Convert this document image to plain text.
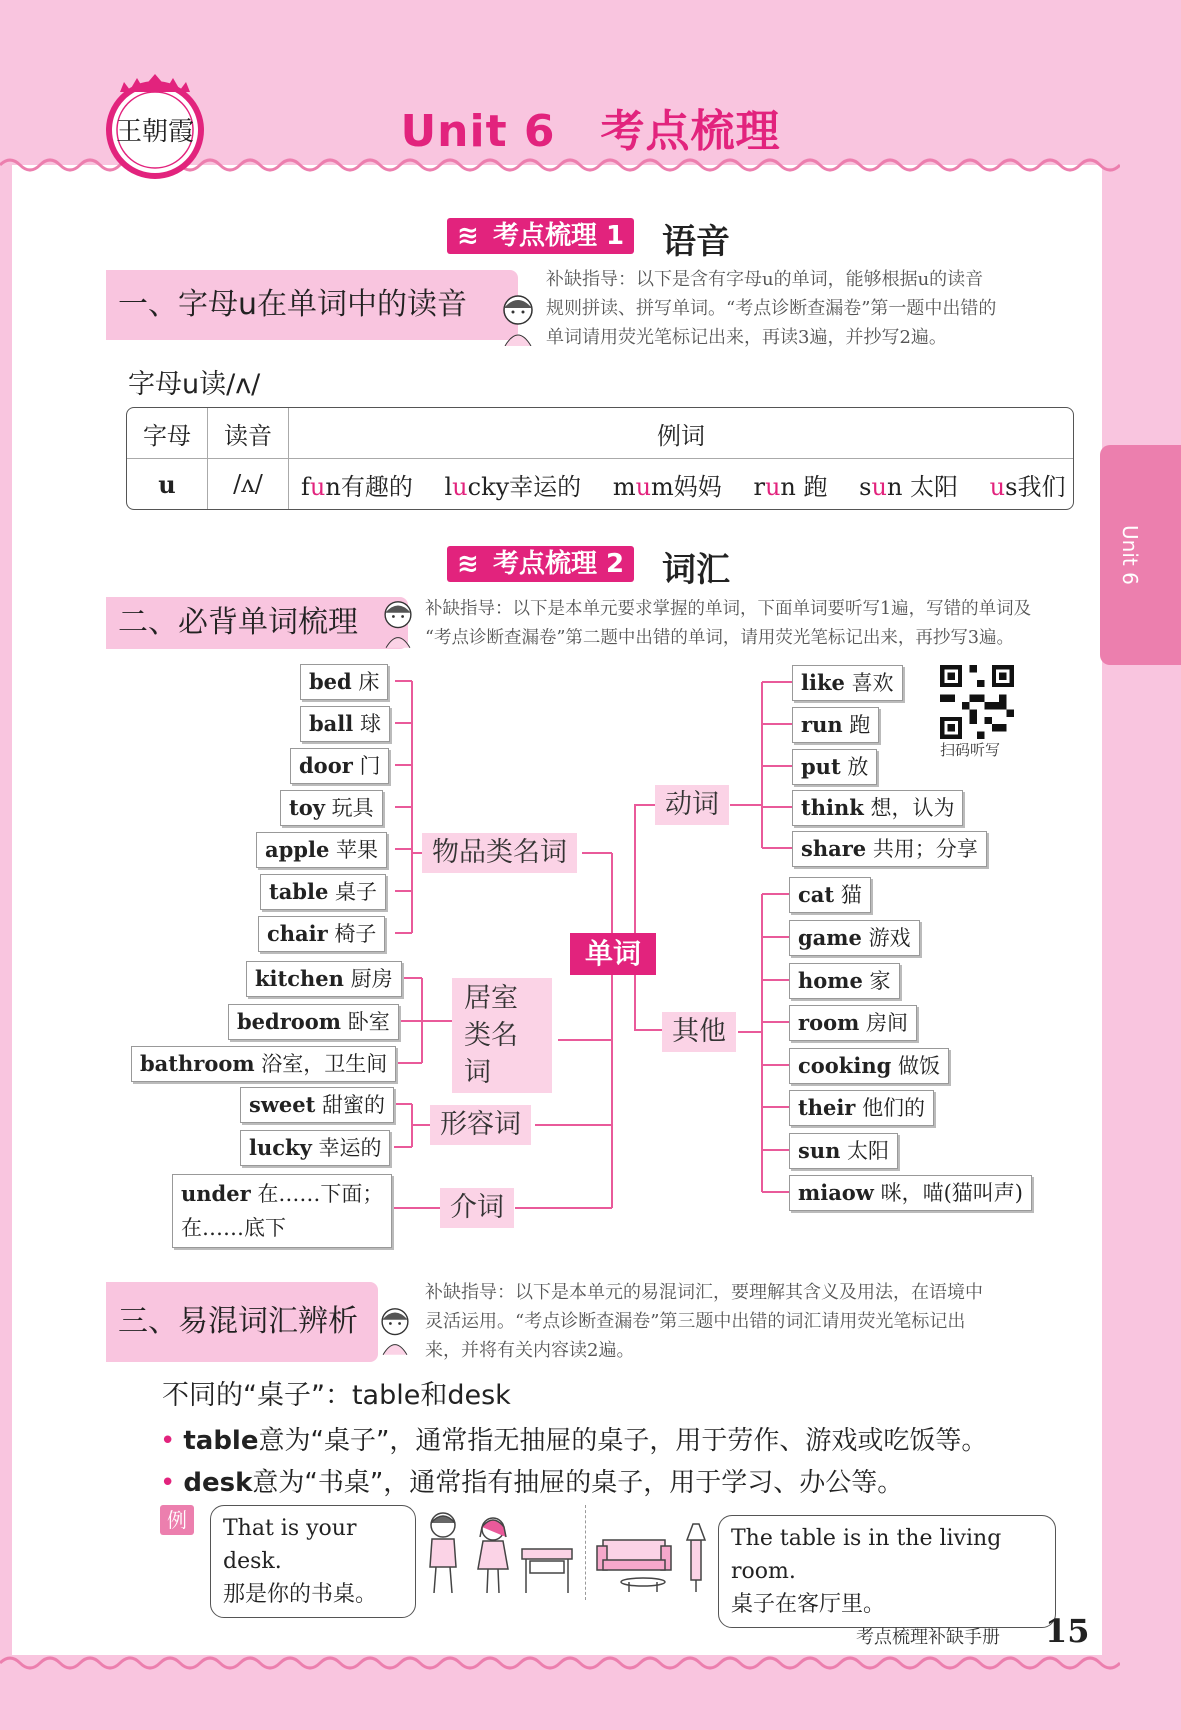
王朝霞	Unit 6　考点梳理
Unit 6
≋ 考点梳理 1 语音
一、字母u在单词中的读音
补缺指导：以下是含有字母u的单词，能够根据u的读音
规则拼读、拼写单词。“考点诊断查漏卷”第一题中出错的
单词请用荧光笔标记出来，再读3遍，并抄写2遍。
字母u读/ʌ/
字母	读音	例词
u	/ʌ/	fun有趣的 lucky幸运的 mum妈妈 run 跑 sun 太阳 us我们
≋ 考点梳理 2 词汇
二、必背单词梳理	补缺指导：以下是本单元要求掌握的单词，下面单词要听写1遍，写错的单词及
“考点诊断查漏卷”第二题中出错的单词，请用荧光笔标记出来，再抄写3遍。
bed 床
ball 球
door 门
toy 玩具
apple 苹果
table 桌子
chair 椅子
kitchen 厨房
bedroom 卧室
bathroom 浴室，卫生间
sweet 甜蜜的
lucky 幸运的
under 在……下面；
在……底下
物品类名词
居室类名词
形容词
介词
动词
其他
单词
like 喜欢
run 跑
put 放
think 想，认为
share 共用；分享
扫码听写
cat 猫
game 游戏
home 家
room 房间
cooking 做饭
their 他们的
sun 太阳
miaow 咪，喵(猫叫声)
三、易混词汇辨析
补缺指导：以下是本单元的易混词汇，要理解其含义及用法，在语境中
灵活运用。“考点诊断查漏卷”第三题中出错的词汇请用荧光笔标记出
来，并将有关内容读2遍。
不同的“桌子”：table和desk
• table意为“桌子”，通常指无抽屉的桌子，用于劳作、游戏或吃饭等。
• desk意为“书桌”，通常指有抽屉的桌子，用于学习、办公等。
例	That is your desk.
那是你的书桌。
The table is in the living room.
桌子在客厅里。
考点梳理补缺手册 15
